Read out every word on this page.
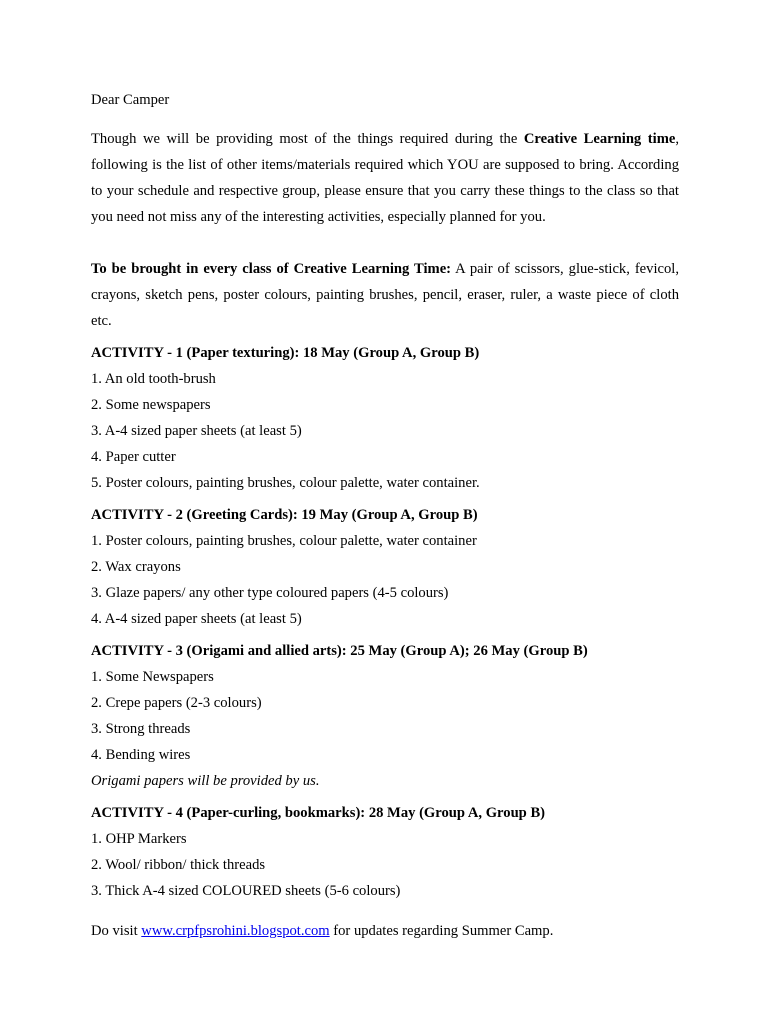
Dear Camper

Though we will be providing most of the things required during the Creative Learning time, following is the list of other items/materials required which YOU are supposed to bring. According to your schedule and respective group, please ensure that you carry these things to the class so that you need not miss any of the interesting activities, especially planned for you.

To be brought in every class of Creative Learning Time: A pair of scissors, glue-stick, fevicol, crayons, sketch pens, poster colours, painting brushes, pencil, eraser, ruler, a waste piece of cloth etc.

ACTIVITY - 1 (Paper texturing): 18 May (Group A, Group B)

1. An old tooth-brush

2. Some newspapers

3. A-4 sized paper sheets (at least 5)

4. Paper cutter

5. Poster colours, painting brushes, colour palette, water container.

ACTIVITY - 2 (Greeting Cards): 19 May (Group A, Group B)

1. Poster colours, painting brushes, colour palette, water container

2. Wax crayons

3. Glaze papers/ any other type coloured papers (4-5 colours)

4. A-4 sized paper sheets (at least 5)

ACTIVITY - 3 (Origami and allied arts): 25 May (Group A); 26 May (Group B)

1. Some Newspapers

2. Crepe papers (2-3 colours)

3. Strong threads

4. Bending wires

Origami papers will be provided by us.

ACTIVITY - 4 (Paper-curling, bookmarks): 28 May (Group A, Group B)

1. OHP Markers

2. Wool/ ribbon/ thick threads

3. Thick A-4 sized COLOURED sheets (5-6 colours)

Do visit www.crpfpsrohini.blogspot.com for updates regarding Summer Camp.
